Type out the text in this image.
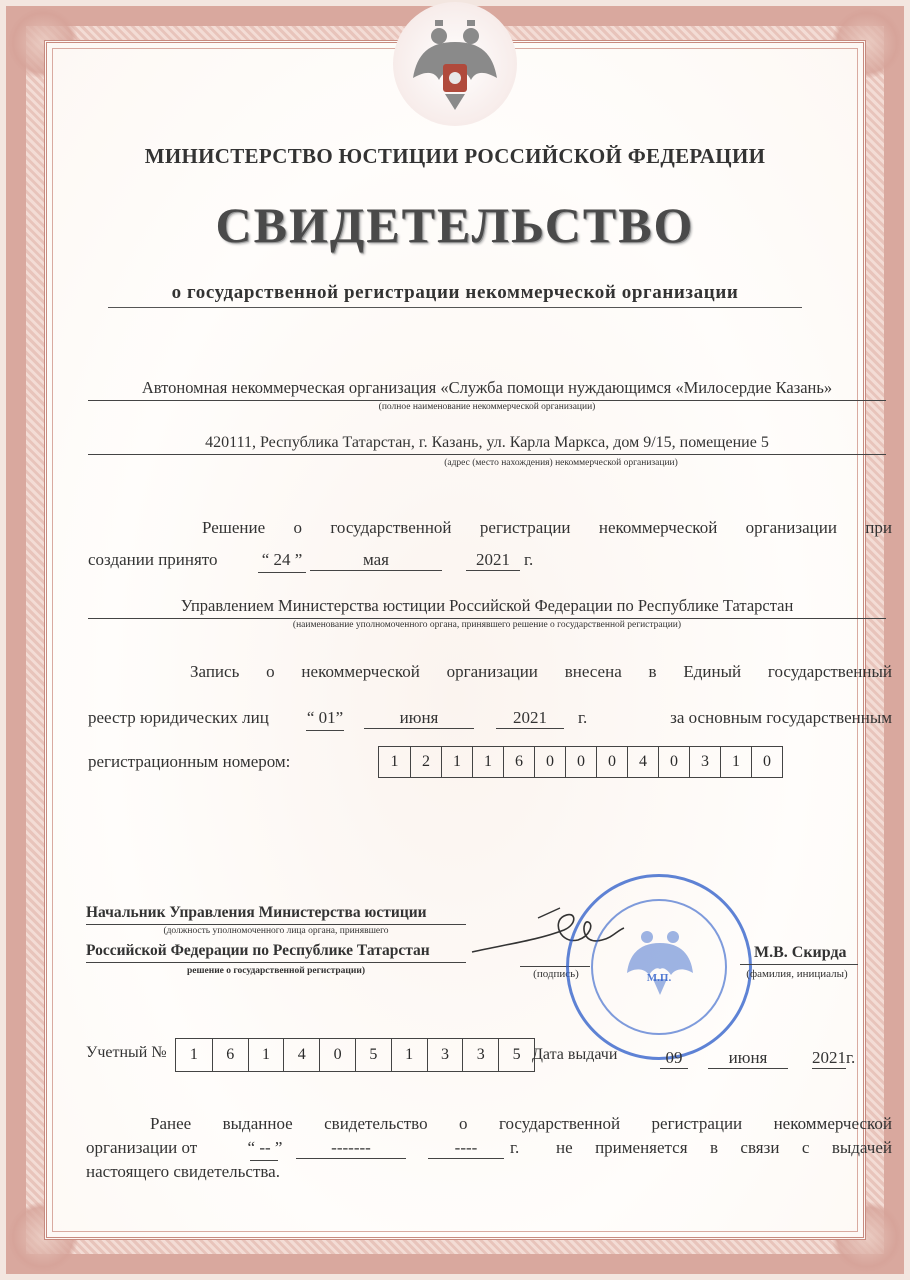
МИНИСТЕРСТВО ЮСТИЦИИ РОССИЙСКОЙ ФЕДЕРАЦИИ
СВИДЕТЕЛЬСТВО
о государственной регистрации некоммерческой организации
Автономная некоммерческая организация «Служба помощи нуждающимся «Милосердие Казань»
(полное наименование некоммерческой организации)
420111, Республика Татарстан, г. Казань, ул. Карла Маркса, дом 9/15, помещение 5
(адрес (место нахождения) некоммерческой организации)
Решение о государственной регистрации некоммерческой организации при
создании принято	“ 24 ”	мая	2021 г.
Управлением Министерства юстиции Российской Федерации по Республике Татарстан
(наименование уполномоченного органа, принявшего решение о государственной регистрации)
Запись о некоммерческой организации внесена в Единый государственный
реестр юридических лиц	“ 01”	июня	2021	г.	за основным государственным
регистрационным номером:	1	2	1	1	6	0	0	0	4	0	3	1	0
Начальник Управления Министерства юстиции
(должность уполномоченного лица органа, принявшего
Российской Федерации по Республике Татарстан
решение о государственной регистрации)	(подпись)	М.П.
М.В. Скирда
(фамилия, инициалы)
Учетный №	1	6	1	4	0	5	1	3	3	5 Дата выдачи	09	июня	2021 г.
Ранее выданное свидетельство о государственной регистрации некоммерческой
организации от	“ -- ”	-------	----	г. не применяется в связи с выдачей
настоящего свидетельства.
